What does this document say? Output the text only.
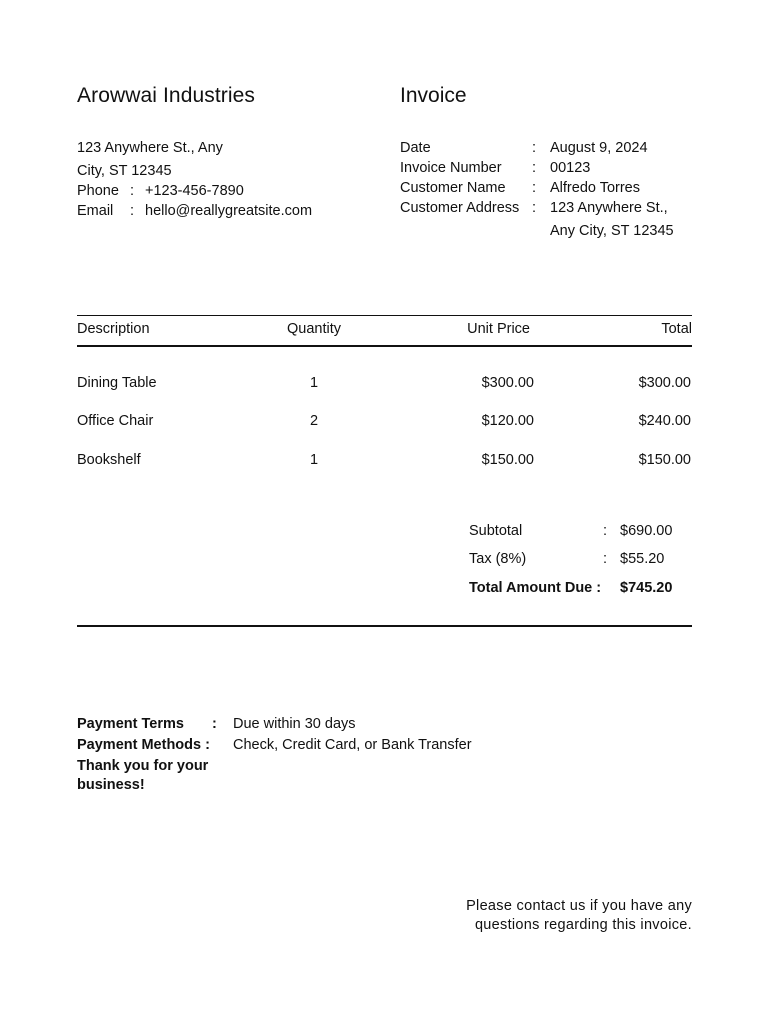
Arowwai Industries	Invoice
123 Anywhere St., Any
City, ST 12345
Phone : +123-456-7890
Email : hello@reallygreatsite.com
Date	: August 9, 2024
Invoice Number : 00123
Customer Name : Alfredo Torres
Customer Address : 123 Anywhere St.,
Any City, ST 12345
Description	Quantity	Unit Price	Total
Dining Table	1	$300.00	$300.00
Office Chair	2	$120.00	$240.00
Bookshelf	1	$150.00	$150.00
Subtotal	: $690.00
Tax (8%)	: $55.20
Total Amount Due : $745.20
Payment Terms : Due within 30 days
Payment Methods : Check, Credit Card, or Bank Transfer
Thank you for your business!
Please contact us if you have any questions regarding this invoice.
